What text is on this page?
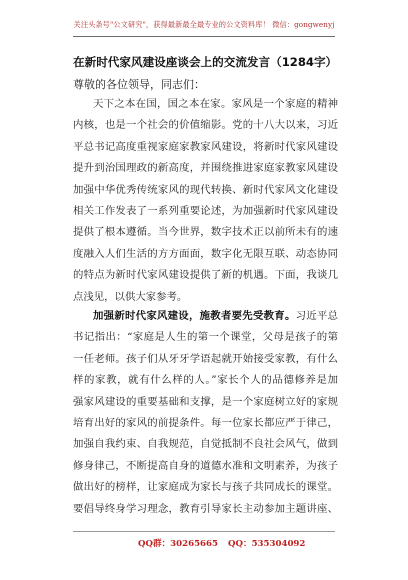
关注头条号"公文研究"，获得最新最全最专业的公文资料库！ 微信：gongwenyj
在新时代家风建设座谈会上的交流发言（1284字）
尊敬的各位领导，同志们：
天下之本在国，国之本在家。家风是一个家庭的精神
内核，也是一个社会的价值缩影。党的十八大以来，习近
平总书记高度重视家庭家教家风建设，将新时代家风建设
提升到治国理政的新高度，并围绕推进家庭家教家风建设
加强中华优秀传统家风的现代转换、新时代家风文化建设
相关工作发表了一系列重要论述，为加强新时代家风建设
提供了根本遵循。当今世界，数字技术正以前所未有的速
度融入人们生活的方方面面，数字化无限互联、动态协同
的特点为新时代家风建设提供了新的机遇。下面，我谈几
点浅见，以供大家参考。
加强新时代家风建设，施教者要先受教育。习近平总
书记指出：“家庭是人生的第一个课堂，父母是孩子的第
一任老师。孩子们从牙牙学语起就开始接受家教，有什么
样的家教，就有什么样的人。”家长个人的品德修养是加
强家风建设的重要基础和支撑，是一个家庭树立好的家规
培育出好的家风的前提条件。每一位家长都应严于律己，
加强自我约束、自我规范，自觉抵制不良社会风气，做到
修身律己，不断提高自身的道德水准和文明素养，为孩子
做出好的榜样，让家庭成为家长与孩子共同成长的课堂。
要倡导终身学习理念，教育引导家长主动参加主题讲座、
QQ群：30265665 QQ：535304092
